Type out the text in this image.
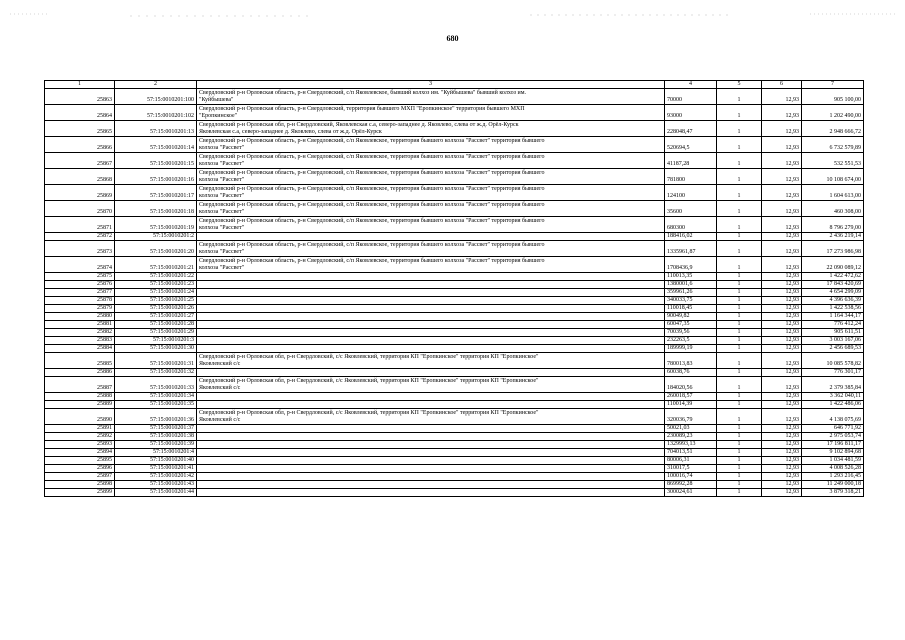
680
1	2	3	4	5	6	7
25863	57:15:0010201:100	Свердловский р-н Орловская область, р-н Свердловский, с/п Яковлевское, бывший колхоз им. "Куйбышева" бывший колхоз им.
"Куйбышева"	70000	1	12,93	905 100,00
25864	57:15:0010201:102	Свердловский р-н Орловская область, р-н Свердловский, территория бывшего МХП "Еропкинское" территория бывшего МХП
"Еропкинское"	93000	1	12,93	1 202 490,00
25865	57:15:0010201:13	Свердловский р-н Орловская обл, р-н Свердловский, Яковлевская с.а, северо-западнее д. Яковлево, слева от ж.д. Орёл-Курск
Яковлевская с.а, северо-западнее д. Яковлево, слева от ж.д. Орёл-Курск	228048,47	1	12,93	2 948 666,72
25866	57:15:0010201:14	Свердловский р-н Орловская область, р-н Свердловский, с/п Яковлевское, территория бывшего колхоза "Рассвет" территория бывшего
колхоза "Рассвет"	520694,5	1	12,93	6 732 579,89
25867	57:15:0010201:15	Свердловский р-н Орловская область, р-н Свердловский, с/п Яковлевское, территория бывшего колхоза "Рассвет" территория бывшего
колхоза "Рассвет"	41187,28	1	12,93	532 551,53
25868	57:15:0010201:16	Свердловский р-н Орловская область, р-н Свердловский, с/п Яковлевское, территория бывшего колхоза "Рассвет" территория бывшего
колхоза "Рассвет"	781800	1	12,93	10 108 674,00
25869	57:15:0010201:17	Свердловский р-н Орловская область, р-н Свердловский, с/п Яковлевское, территория бывшего колхоза "Рассвет" территория бывшего
колхоза "Рассвет"	124100	1	12,93	1 604 613,00
25870	57:15:0010201:18	Свердловский р-н Орловская область, р-н Свердловский, с/п Яковлевское, территория бывшего колхоза "Рассвет" территория бывшего
колхоза "Рассвет"	35600	1	12,93	460 308,00
25871	57:15:0010201:19	Свердловский р-н Орловская область, р-н Свердловский, с/п Яковлевское, территория бывшего колхоза "Рассвет" территория бывшего
колхоза "Рассвет"	680300	1	12,93	8 796 279,00
25872	57:15:0010201:2		188416,02	1	12,93	2 436 219,14
25873	57:15:0010201:20	Свердловский р-н Орловская область, р-н Свердловский, с/п Яковлевское, территория бывшего колхоза "Рассвет" территория бывшего
колхоза "Рассвет"	1335961,87	1	12,93	17 273 986,98
25874	57:15:0010201:21	Свердловский р-н Орловская область, р-н Свердловский, с/п Яковлевское, территория бывшего колхоза "Рассвет" территория бывшего
колхоза "Рассвет"	1708436,9	1	12,93	22 090 089,12
25875	57:15:0010201:22		110013,35	1	12,93	1 422 472,62
25876	57:15:0010201:23		1380001,6	1	12,93	17 843 420,69
25877	57:15:0010201:24		359961,26	1	12,93	4 654 299,09
25878	57:15:0010201:25		340033,75	1	12,93	4 396 636,39
25879	57:15:0010201:26		110018,45	1	12,93	1 422 538,56
25880	57:15:0010201:27		90049,82	1	12,93	1 164 344,17
25881	57:15:0010201:28		60047,35	1	12,93	776 412,24
25882	57:15:0010201:29		70039,56	1	12,93	905 611,51
25883	57:15:0010201:3		232263,5	1	12,93	3 003 167,06
25884	57:15:0010201:30		189999,19	1	12,93	2 456 689,53
25885	57:15:0010201:31	Свердловский р-н Орловская обл, р-н Свердловский, с/с Яковлевский, территория КП "Еропкинское" территория КП "Еропкинское"
Яковлевский с/с	780013,83	1	12,93	10 085 578,82
25886	57:15:0010201:32		60038,76	1	12,93	776 301,17
25887	57:15:0010201:33	Свердловский р-н Орловская обл, р-н Свердловский, с/с Яковлевский, территория КП "Еропкинское" территория КП "Еропкинское"
Яковлевский с/с	184020,56	1	12,93	2 379 385,84
25888	57:15:0010201:34		260018,57	1	12,93	3 362 040,11
25889	57:15:0010201:35		110014,39	1	12,93	1 422 486,06
25890	57:15:0010201:36	Свердловский р-н Орловская обл, р-н Свердловский, с/с Яковлевский, территория КП "Еропкинское" территория КП "Еропкинское"
Яковлевский с/с	320036,79	1	12,93	4 138 075,69
25891	57:15:0010201:37		50021,03	1	12,93	646 771,92
25892	57:15:0010201:38		230089,23	1	12,93	2 975 053,74
25893	57:15:0010201:39		1329993,13	1	12,93	17 196 811,17
25894	57:15:0010201:4		704013,51	1	12,93	9 102 894,68
25895	57:15:0010201:40		80006,31	1	12,93	1 034 481,59
25896	57:15:0010201:41		310017,5	1	12,93	4 008 526,28
25897	57:15:0010201:42		100016,74	1	12,93	1 293 216,45
25898	57:15:0010201:43		869992,28	1	12,93	11 249 000,18
25899	57:15:0010201:44		300024,61	1	12,93	3 879 318,21
